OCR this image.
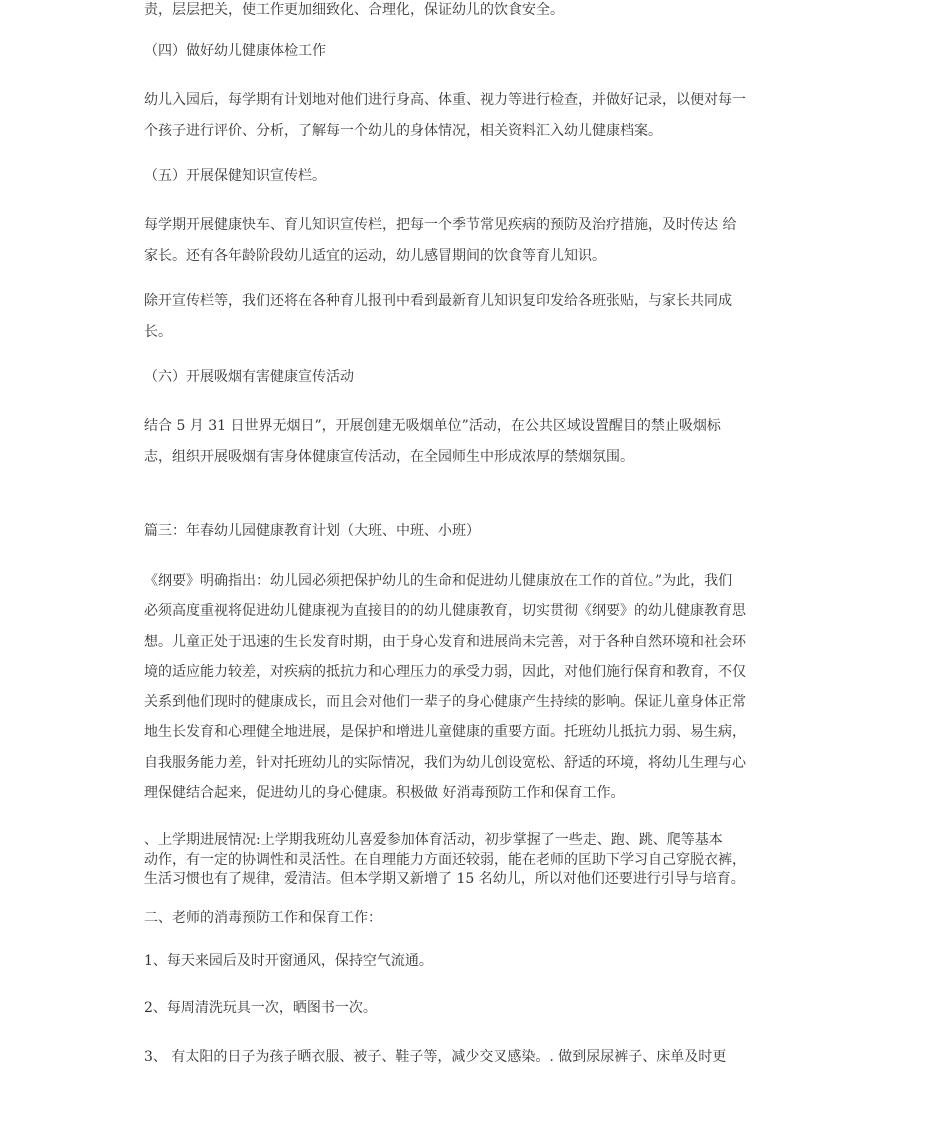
责，层层把关，使工作更加细致化、合理化，保证幼儿的饮食安全。

（四）做好幼儿健康体检工作

幼儿入园后，每学期有计划地对他们进行身高、体重、视力等进行检查，并做好记录，以便对每一
个孩子进行评价、分析，了解每一个幼儿的身体情况，相关资料汇入幼儿健康档案。

（五）开展保健知识宣传栏。

每学期开展健康快车、育儿知识宣传栏，把每一个季节常见疾病的预防及治疗措施，及时传达 给
家长。还有各年龄阶段幼儿适宜的运动，幼儿感冒期间的饮食等育儿知识。

除开宣传栏等，我们还将在各种育儿报刊中看到最新育儿知识复印发给各班张贴，与家长共同成
长。

（六）开展吸烟有害健康宣传活动

结合 5 月 31 日世界无烟日”，开展创建无吸烟单位”活动，在公共区域设置醒目的禁止吸烟标
志，组织开展吸烟有害身体健康宣传活动，在全园师生中形成浓厚的禁烟氛围。

篇三：年春幼儿园健康教育计划（大班、中班、小班）

《纲要》明确指出：幼儿园必须把保护幼儿的生命和促进幼儿健康放在工作的首位。”为此，我们
必须高度重视将促进幼儿健康视为直接目的的幼儿健康教育，切实贯彻《纲要》的幼儿健康教育思
想。儿童正处于迅速的生长发育时期，由于身心发育和进展尚未完善，对于各种自然环境和社会环
境的适应能力较差，对疾病的抵抗力和心理压力的承受力弱，因此，对他们施行保育和教育，不仅
关系到他们现时的健康成长，而且会对他们一辈子的身心健康产生持续的影响。保证儿童身体正常
地生长发育和心理健全地进展，是保护和增进儿童健康的重要方面。托班幼儿抵抗力弱、易生病，
自我服务能力差，针对托班幼儿的实际情况，我们为幼儿创设宽松、舒适的环境，将幼儿生理与心
理保健结合起来，促进幼儿的身心健康。积极做 好消毒预防工作和保育工作。

、上学期进展情况:上学期我班幼儿喜爱参加体育活动，初步掌握了一些走、跑、跳、爬等基本
动作，有一定的协调性和灵活性。在自理能力方面还较弱，能在老师的匡助下学习自己穿脱衣裤，
生活习惯也有了规律，爱清洁。但本学期又新增了 15 名幼儿，所以对他们还要进行引导与培育。

二、老师的消毒预防工作和保育工作：

1、每天来园后及时开窗通风，保持空气流通。

2、每周清洗玩具一次，晒图书一次。

3、 有太阳的日子为孩子晒衣服、被子、鞋子等，减少交叉感染。. 做到尿尿裤子、床单及时更
